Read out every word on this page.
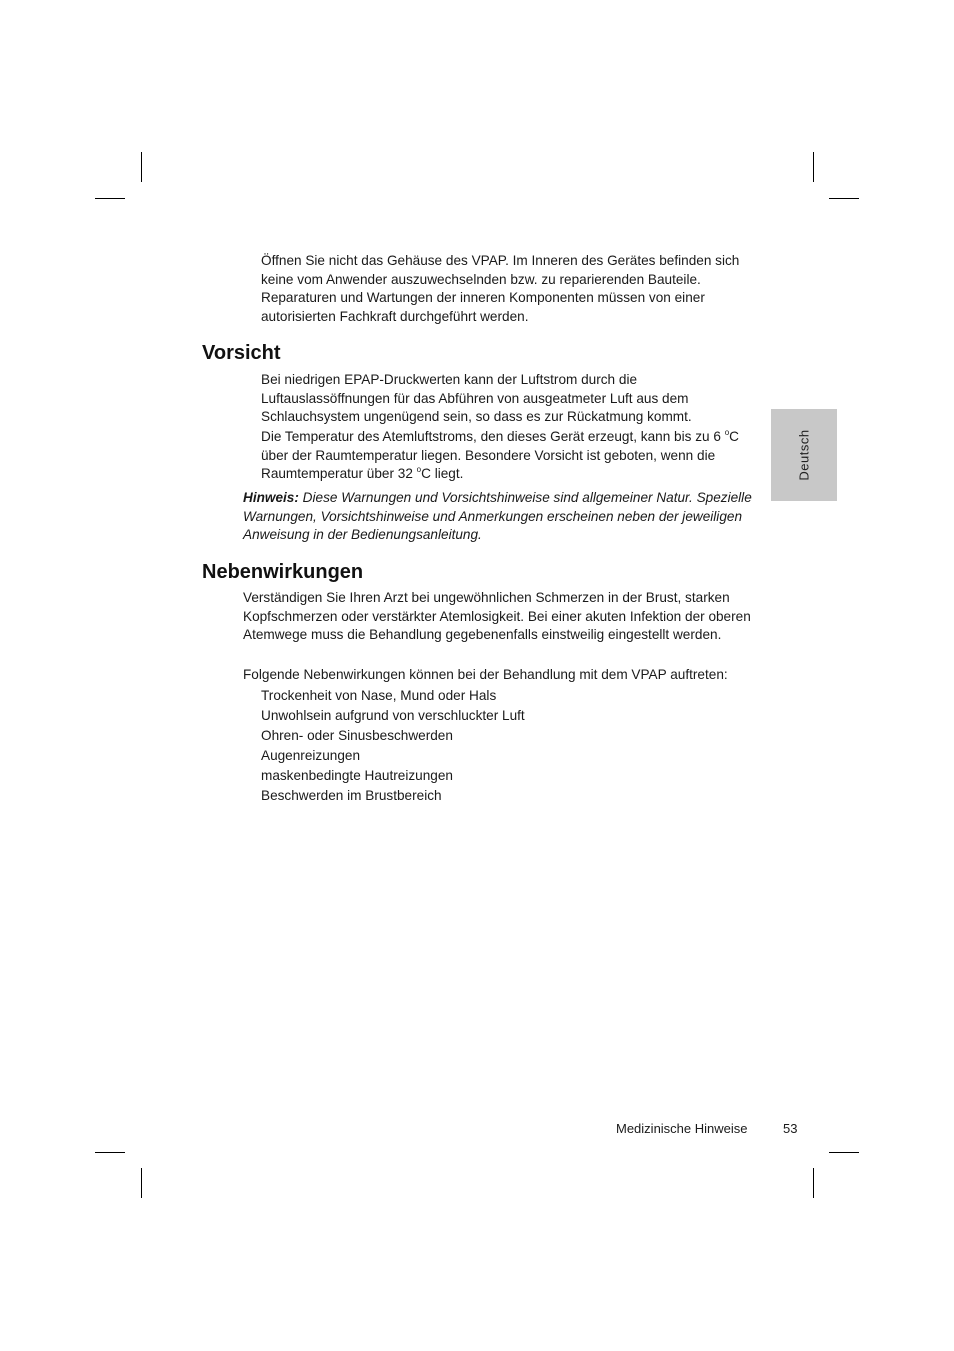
Öffnen Sie nicht das Gehäuse des VPAP. Im Inneren des Gerätes befinden sich keine vom Anwender auszuwechselnden bzw. zu reparierenden Bauteile. Reparaturen und Wartungen der inneren Komponenten müssen von einer autorisierten Fachkraft durchgeführt werden.

Vorsicht

Bei niedrigen EPAP-Druckwerten kann der Luftstrom durch die Luftauslassöffnungen für das Abführen von ausgeatmeter Luft aus dem Schlauchsystem ungenügend sein, so dass es zur Rückatmung kommt.

Die Temperatur des Atemluftstroms, den dieses Gerät erzeugt, kann bis zu 6 $^o$C über der Raumtemperatur liegen. Besondere Vorsicht ist geboten, wenn die Raumtemperatur über 32 $^o$C liegt.

Hinweis: Diese Warnungen und Vorsichtshinweise sind allgemeiner Natur. Spezielle Warnungen, Vorsichtshinweise und Anmerkungen erscheinen neben der jeweiligen Anweisung in der Bedienungsanleitung.

Nebenwirkungen

Verständigen Sie Ihren Arzt bei ungewöhnlichen Schmerzen in der Brust, starken Kopfschmerzen oder verstärkter Atemlosigkeit. Bei einer akuten Infektion der oberen Atemwege muss die Behandlung gegebenenfalls einstweilig eingestellt werden.

Folgende Nebenwirkungen können bei der Behandlung mit dem VPAP auftreten:

Trockenheit von Nase, Mund oder Hals
Unwohlsein aufgrund von verschluckter Luft
Ohren- oder Sinusbeschwerden
Augenreizungen
maskenbedingte Hautreizungen
Beschwerden im Brustbereich
Deutsch
Medizinische Hinweise	53
